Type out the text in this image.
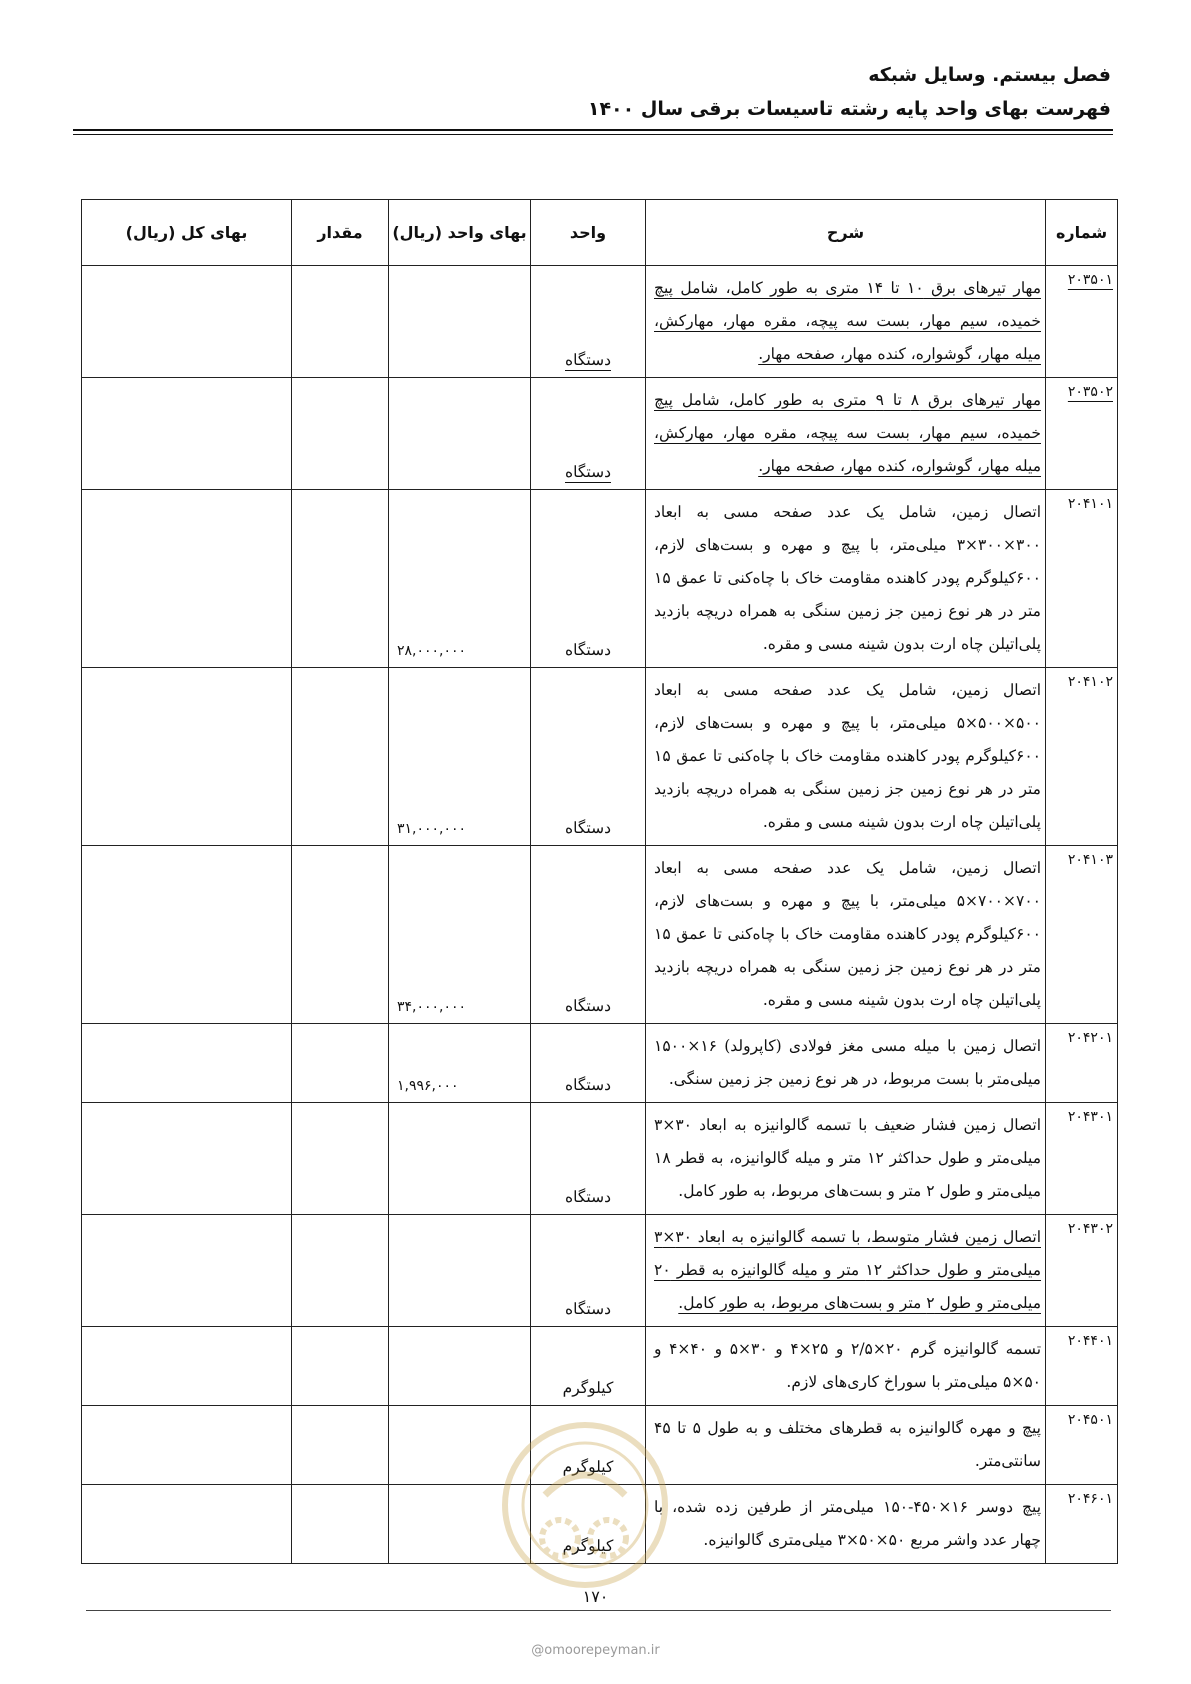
فصل بیستم. وسایل شبکه
فهرست بهای واحد پایه رشته تاسیسات برقی سال ۱۴۰۰
شماره	شرح	واحد	بهای واحد (ریال)	مقدار	بهای کل (ریال)
۲۰۳۵۰۱	مهار تیرهای برق ۱۰ تا ۱۴ متری به طور کامل، شامل پیچ خمیده، سیم مهار، بست سه پیچه، مقره مهار، مهارکش، میله مهار، گوشواره، کنده مهار، صفحه مهار.	دستگاه			
۲۰۳۵۰۲	مهار تیرهای برق ۸ تا ۹ متری به طور کامل، شامل پیچ خمیده، سیم مهار، بست سه پیچه، مقره مهار، مهارکش، میله مهار، گوشواره، کنده مهار، صفحه مهار.	دستگاه			
۲۰۴۱۰۱	اتصال زمین، شامل یک عدد صفحه مسی به ابعاد ۳۰۰×۳۰۰×۳ میلی‌متر، با پیچ و مهره و بست‌های لازم، ۶۰۰کیلوگرم پودر کاهنده مقاومت خاک با چاه‌کنی تا عمق ۱۵ متر در هر نوع زمین جز زمین سنگی به همراه دریچه بازدید پلی‌اتیلن چاه ارت بدون شینه مسی و مقره.	دستگاه	۲۸,۰۰۰,۰۰۰		
۲۰۴۱۰۲	اتصال زمین، شامل یک عدد صفحه مسی به ابعاد ۵۰۰×۵۰۰×۵ میلی‌متر، با پیچ و مهره و بست‌های لازم، ۶۰۰کیلوگرم پودر کاهنده مقاومت خاک با چاه‌کنی تا عمق ۱۵ متر در هر نوع زمین جز زمین سنگی به همراه دریچه بازدید پلی‌اتیلن چاه ارت بدون شینه مسی و مقره.	دستگاه	۳۱,۰۰۰,۰۰۰		
۲۰۴۱۰۳	اتصال زمین، شامل یک عدد صفحه مسی به ابعاد ۷۰۰×۷۰۰×۵ میلی‌متر، با پیچ و مهره و بست‌های لازم، ۶۰۰کیلوگرم پودر کاهنده مقاومت خاک با چاه‌کنی تا عمق ۱۵ متر در هر نوع زمین جز زمین سنگی به همراه دریچه بازدید پلی‌اتیلن چاه ارت بدون شینه مسی و مقره.	دستگاه	۳۴,۰۰۰,۰۰۰		
۲۰۴۲۰۱	اتصال زمین با میله مسی مغز فولادی (کاپرولد) ۱۶×۱۵۰۰ میلی‌متر با بست مربوط، در هر نوع زمین جز زمین سنگی.	دستگاه	۱,۹۹۶,۰۰۰		
۲۰۴۳۰۱	اتصال زمین فشار ضعیف با تسمه گالوانیزه به ابعاد ۳۰×۳ میلی‌متر و طول حداکثر ۱۲ متر و میله گالوانیزه، به قطر ۱۸ میلی‌متر و طول ۲ متر و بست‌های مربوط، به طور کامل.	دستگاه			
۲۰۴۳۰۲	اتصال زمین فشار متوسط، با تسمه گالوانیزه به ابعاد ۳۰×۳ میلی‌متر و طول حداکثر ۱۲ متر و میله گالوانیزه به قطر ۲۰ میلی‌متر و طول ۲ متر و بست‌های مربوط، به طور کامل.	دستگاه			
۲۰۴۴۰۱	تسمه گالوانیزه گرم ۲۰×۲/۵ و ۲۵×۴ و ۳۰×۵ و ۴۰×۴ و ۵۰×۵ میلی‌متر با سوراخ کاری‌های لازم.	کیلوگرم			
۲۰۴۵۰۱	پیچ و مهره گالوانیزه به قطرهای مختلف و به طول ۵ تا ۴۵ سانتی‌متر.	کیلوگرم			
۲۰۴۶۰۱	پیچ دوسر ۱۶×۴۵۰-۱۵۰ میلی‌متر از طرفین زده شده، با چهار عدد واشر مربع ۵۰×۵۰×۳ میلی‌متری گالوانیزه.	کیلوگرم			
۱۷۰
@omoorepeyman.ir
